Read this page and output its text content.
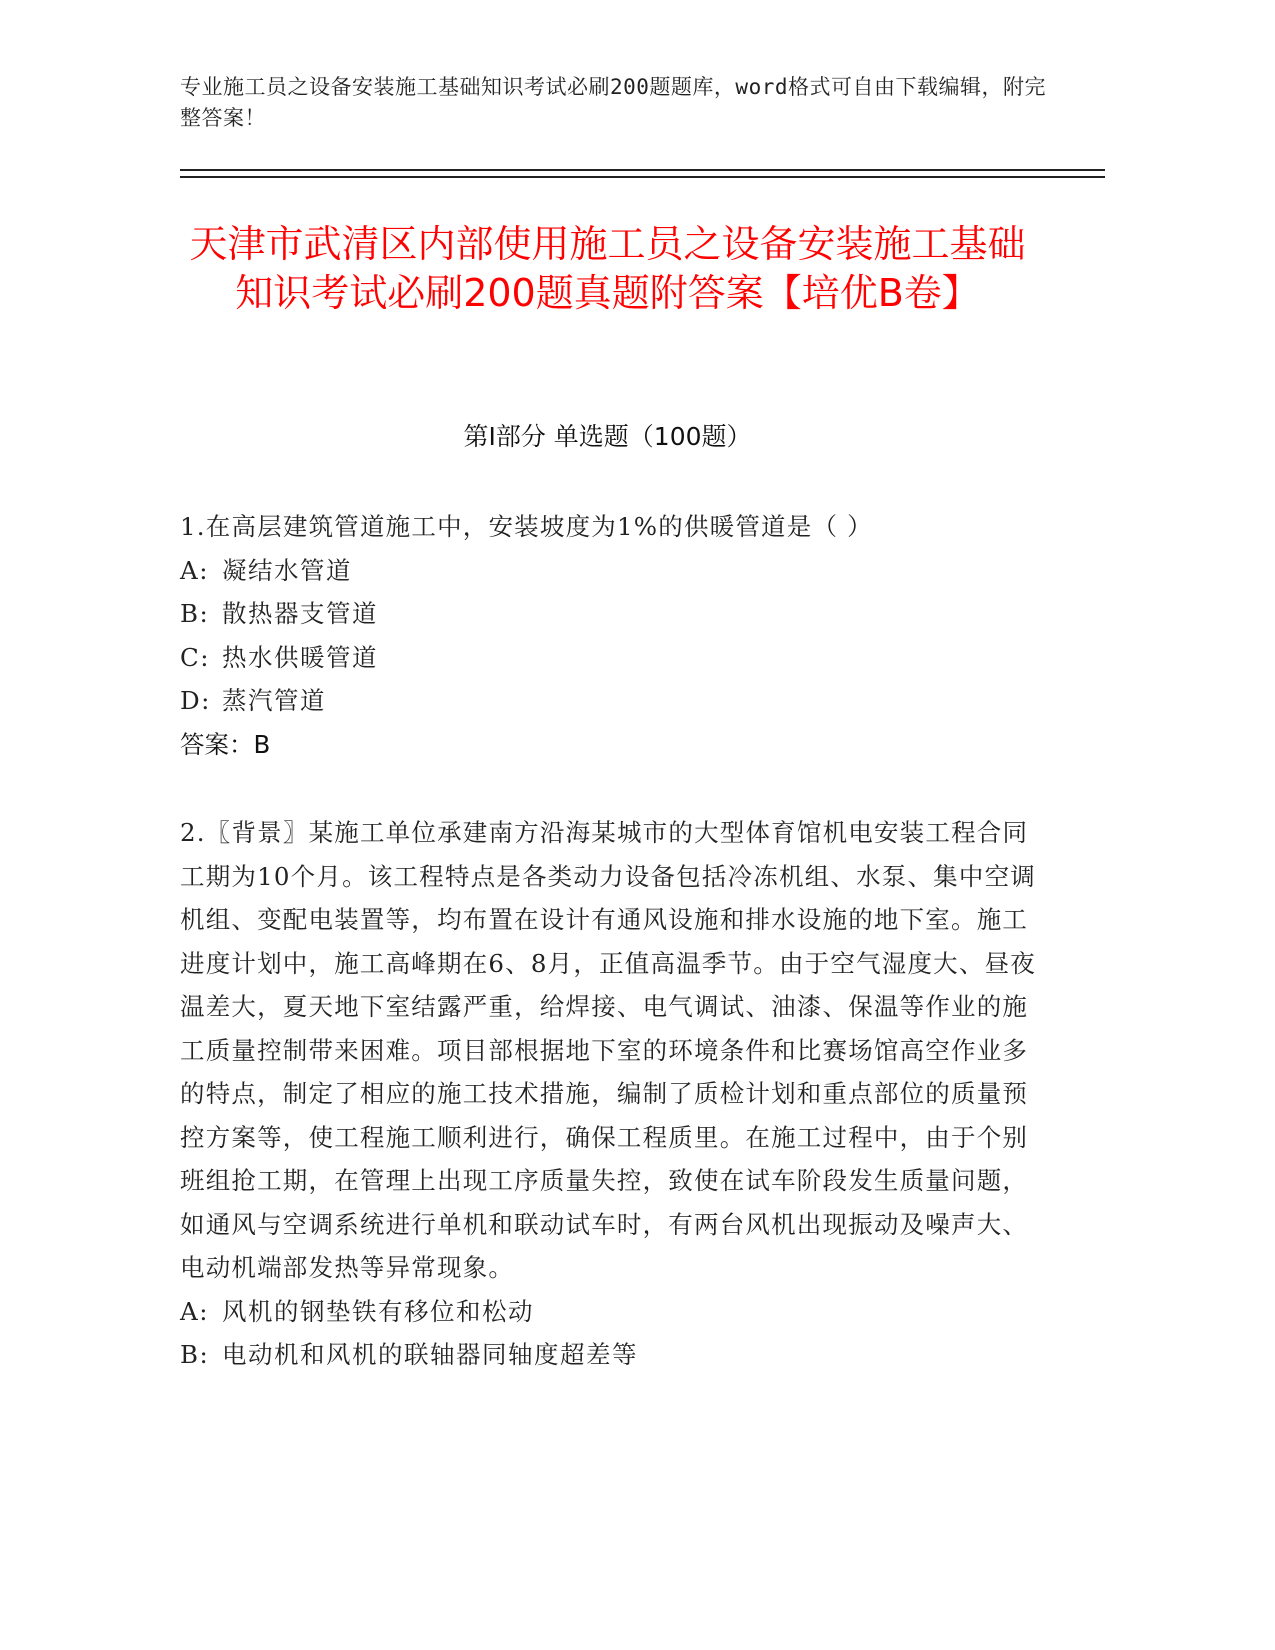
专业施工员之设备安装施工基础知识考试必刷200题题库，word格式可自由下载编辑，附完整答案！
天津市武清区内部使用施工员之设备安装施工基础知识考试必刷200题真题附答案【培优B卷】
第Ⅰ部分 单选题（100题）

1.在高层建筑管道施工中，安装坡度为1%的供暖管道是（ ）

A: 凝结水管道

B: 散热器支管道

C: 热水供暖管道

D: 蒸汽管道

答案：B

2.〖背景〗某施工单位承建南方沿海某城市的大型体育馆机电安装工程合同工期为10个月。该工程特点是各类动力设备包括冷冻机组、水泵、集中空调机组、变配电装置等，均布置在设计有通风设施和排水设施的地下室。施工进度计划中，施工高峰期在6、8月，正值高温季节。由于空气湿度大、昼夜温差大，夏天地下室结露严重，给焊接、电气调试、油漆、保温等作业的施工质量控制带来困难。项目部根据地下室的环境条件和比赛场馆高空作业多的特点，制定了相应的施工技术措施，编制了质检计划和重点部位的质量预控方案等，使工程施工顺利进行，确保工程质里。在施工过程中，由于个别班组抢工期，在管理上出现工序质量失控，致使在试车阶段发生质量问题，如通风与空调系统进行单机和联动试车时，有两台风机出现振动及噪声大、电动机端部发热等异常现象。

A: 风机的钢垫铁有移位和松动

B: 电动机和风机的联轴器同轴度超差等
